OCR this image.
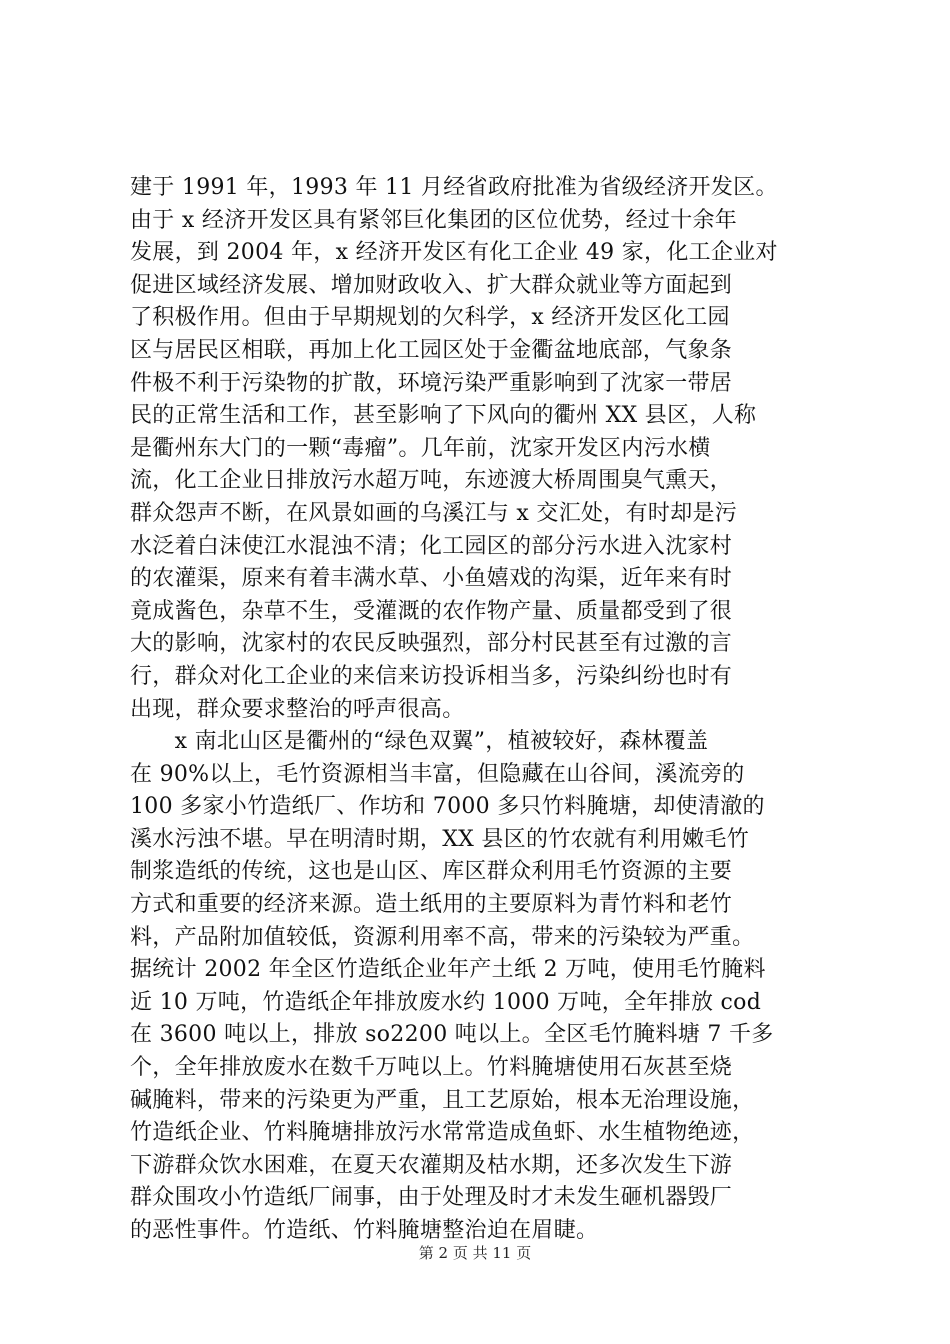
建于 1991 年，1993 年 11 月经省政府批准为省级经济开发区。
由于 x 经济开发区具有紧邻巨化集团的区位优势，经过十余年
发展，到 2004 年，x 经济开发区有化工企业 49 家，化工企业对
促进区域经济发展、增加财政收入、扩大群众就业等方面起到
了积极作用。但由于早期规划的欠科学，x 经济开发区化工园
区与居民区相联，再加上化工园区处于金衢盆地底部，气象条
件极不利于污染物的扩散，环境污染严重影响到了沈家一带居
民的正常生活和工作，甚至影响了下风向的衢州 XX 县区，人称
是衢州东大门的一颗“毒瘤”。几年前，沈家开发区内污水横
流，化工企业日排放污水超万吨，东迹渡大桥周围臭气熏天，
群众怨声不断，在风景如画的乌溪江与 x 交汇处，有时却是污
水泛着白沫使江水混浊不清；化工园区的部分污水进入沈家村
的农灌渠，原来有着丰满水草、小鱼嬉戏的沟渠，近年来有时
竟成酱色，杂草不生，受灌溉的农作物产量、质量都受到了很
大的影响，沈家村的农民反映强烈，部分村民甚至有过激的言
行，群众对化工企业的来信来访投诉相当多，污染纠纷也时有
出现，群众要求整治的呼声很高。
　　x 南北山区是衢州的“绿色双翼”，植被较好，森林覆盖
在 90%以上，毛竹资源相当丰富，但隐藏在山谷间，溪流旁的
100 多家小竹造纸厂、作坊和 7000 多只竹料腌塘，却使清澈的
溪水污浊不堪。早在明清时期，XX 县区的竹农就有利用嫩毛竹
制浆造纸的传统，这也是山区、库区群众利用毛竹资源的主要
方式和重要的经济来源。造土纸用的主要原料为青竹料和老竹
料，产品附加值较低，资源利用率不高，带来的污染较为严重。
据统计 2002 年全区竹造纸企业年产土纸 2 万吨，使用毛竹腌料
近 10 万吨，竹造纸企年排放废水约 1000 万吨，全年排放 cod
在 3600 吨以上，排放 so2200 吨以上。全区毛竹腌料塘 7 千多
个，全年排放废水在数千万吨以上。竹料腌塘使用石灰甚至烧
碱腌料，带来的污染更为严重，且工艺原始，根本无治理设施，
竹造纸企业、竹料腌塘排放污水常常造成鱼虾、水生植物绝迹，
下游群众饮水困难，在夏天农灌期及枯水期，还多次发生下游
群众围攻小竹造纸厂闹事，由于处理及时才未发生砸机器毁厂
的恶性事件。竹造纸、竹料腌塘整治迫在眉睫。
第 2 页 共 11 页
